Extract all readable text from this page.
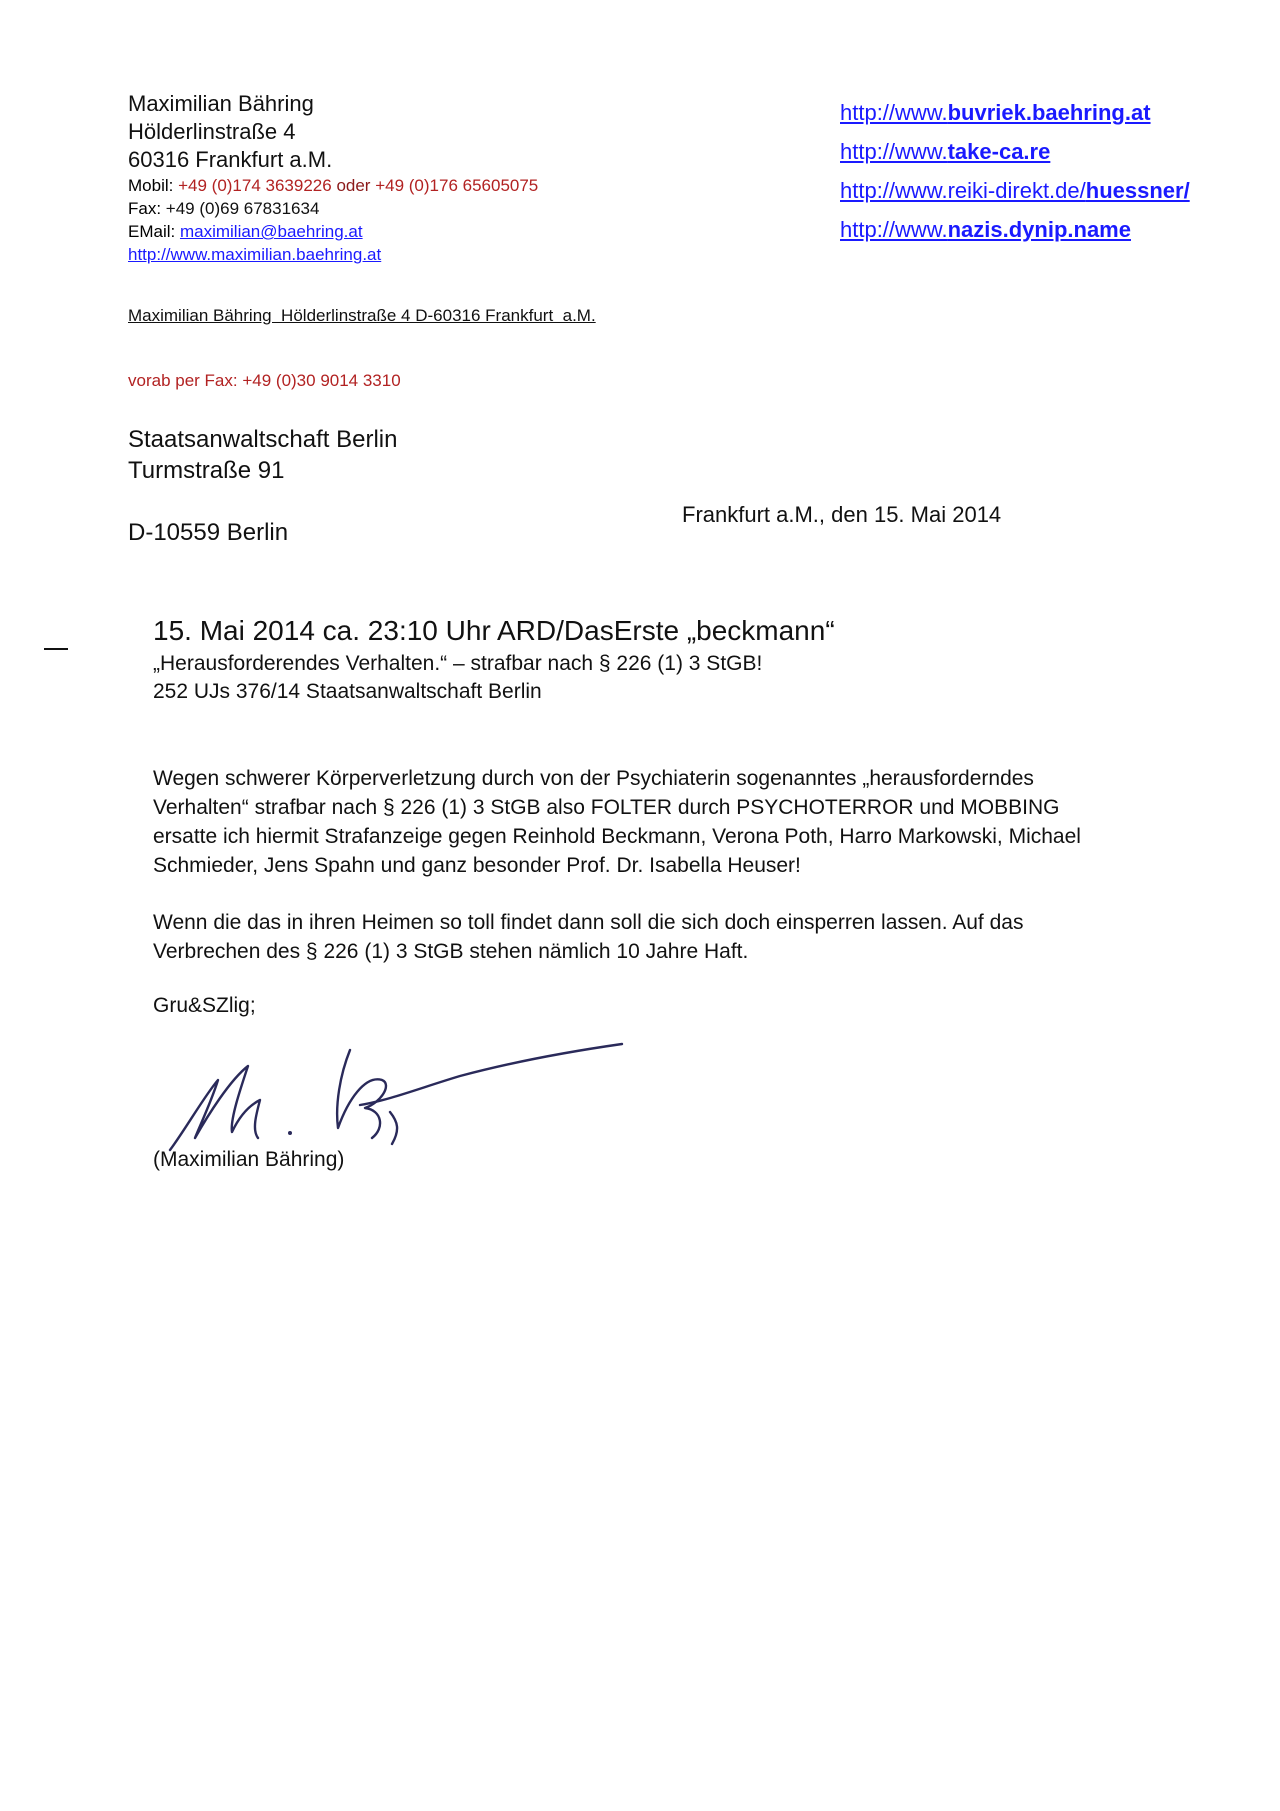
Maximilian Bähring
Hölderlinstraße 4
60316 Frankfurt a.M.
Mobil: +49 (0)174 3639226 oder +49 (0)176 65605075
Fax: +49 (0)69 67831634
EMail: maximilian@baehring.at
http://www.maximilian.baehring.at
http://www.buvriek.baehring.at
http://www.take-ca.re
http://www.reiki-direkt.de/huessner/
http://www.nazis.dynip.name
Maximilian Bähring  Hölderlinstraße 4 D-60316 Frankfurt  a.M.
vorab per Fax: +49 (0)30 9014 3310
Staatsanwaltschaft Berlin
Turmstraße 91
D-10559 Berlin
Frankfurt a.M., den 15. Mai 2014
15. Mai 2014 ca. 23:10 Uhr ARD/DasErste „beckmann“
„Herausforderendes Verhalten.“ – strafbar nach § 226 (1) 3 StGB!
252 UJs 376/14 Staatsanwaltschaft Berlin
Wegen schwerer Körperverletzung durch von der Psychiaterin sogenanntes „herausforderndes
Verhalten“ strafbar nach § 226 (1) 3 StGB also FOLTER durch PSYCHOTERROR und MOBBING
ersatte ich hiermit Strafanzeige gegen Reinhold Beckmann, Verona Poth, Harro Markowski, Michael
Schmieder, Jens Spahn und ganz besonder Prof. Dr. Isabella Heuser!
Wenn die das in ihren Heimen so toll findet dann soll die sich doch einsperren lassen. Auf das
Verbrechen des § 226 (1) 3 StGB stehen nämlich 10 Jahre Haft.
Gru&SZlig;
(Maximilian Bähring)
